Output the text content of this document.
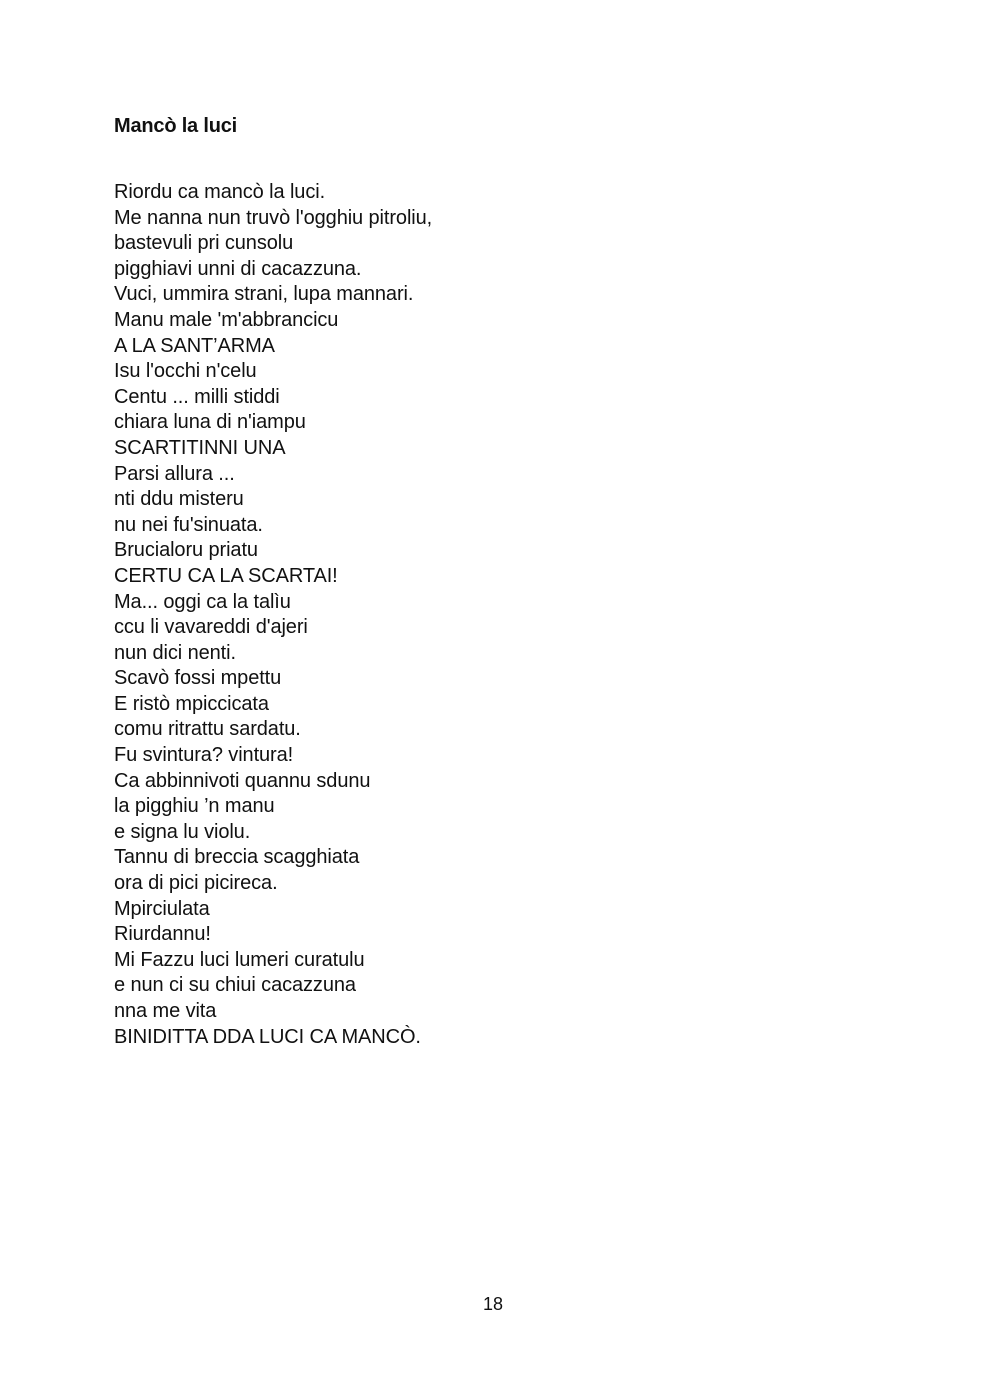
Mancò la luci
Riordu ca mancò la luci.
Me nanna nun truvò l'ogghiu pitroliu,
bastevuli pri cunsolu
pigghiavi unni di cacazzuna.
Vuci, ummira strani, lupa mannari.
Manu male 'm'abbrancicu
A LA SANT’ARMA
Isu l'occhi n'celu
Centu ... milli stiddi
chiara luna di n'iampu
SCARTITINNI UNA
Parsi allura ...
nti ddu misteru
nu nei fu'sinuata.
Brucialoru priatu
CERTU CA LA SCARTAI!
Ma... oggi ca la talìu
ccu li vavareddi d'ajeri
nun dici nenti.
Scavò fossi mpettu
E ristò mpiccicata
comu ritrattu sardatu.
Fu svintura? vintura!
Ca abbinnivoti quannu sdunu
la pigghiu ’n manu
e signa lu violu.
Tannu di breccia scagghiata
ora di pici picireca.
Mpirciulata
Riurdannu!
Mi Fazzu luci lumeri curatulu
e nun ci su chiui cacazzuna
nna me vita
BINIDITTA DDA LUCI CA MANCÒ.
18
